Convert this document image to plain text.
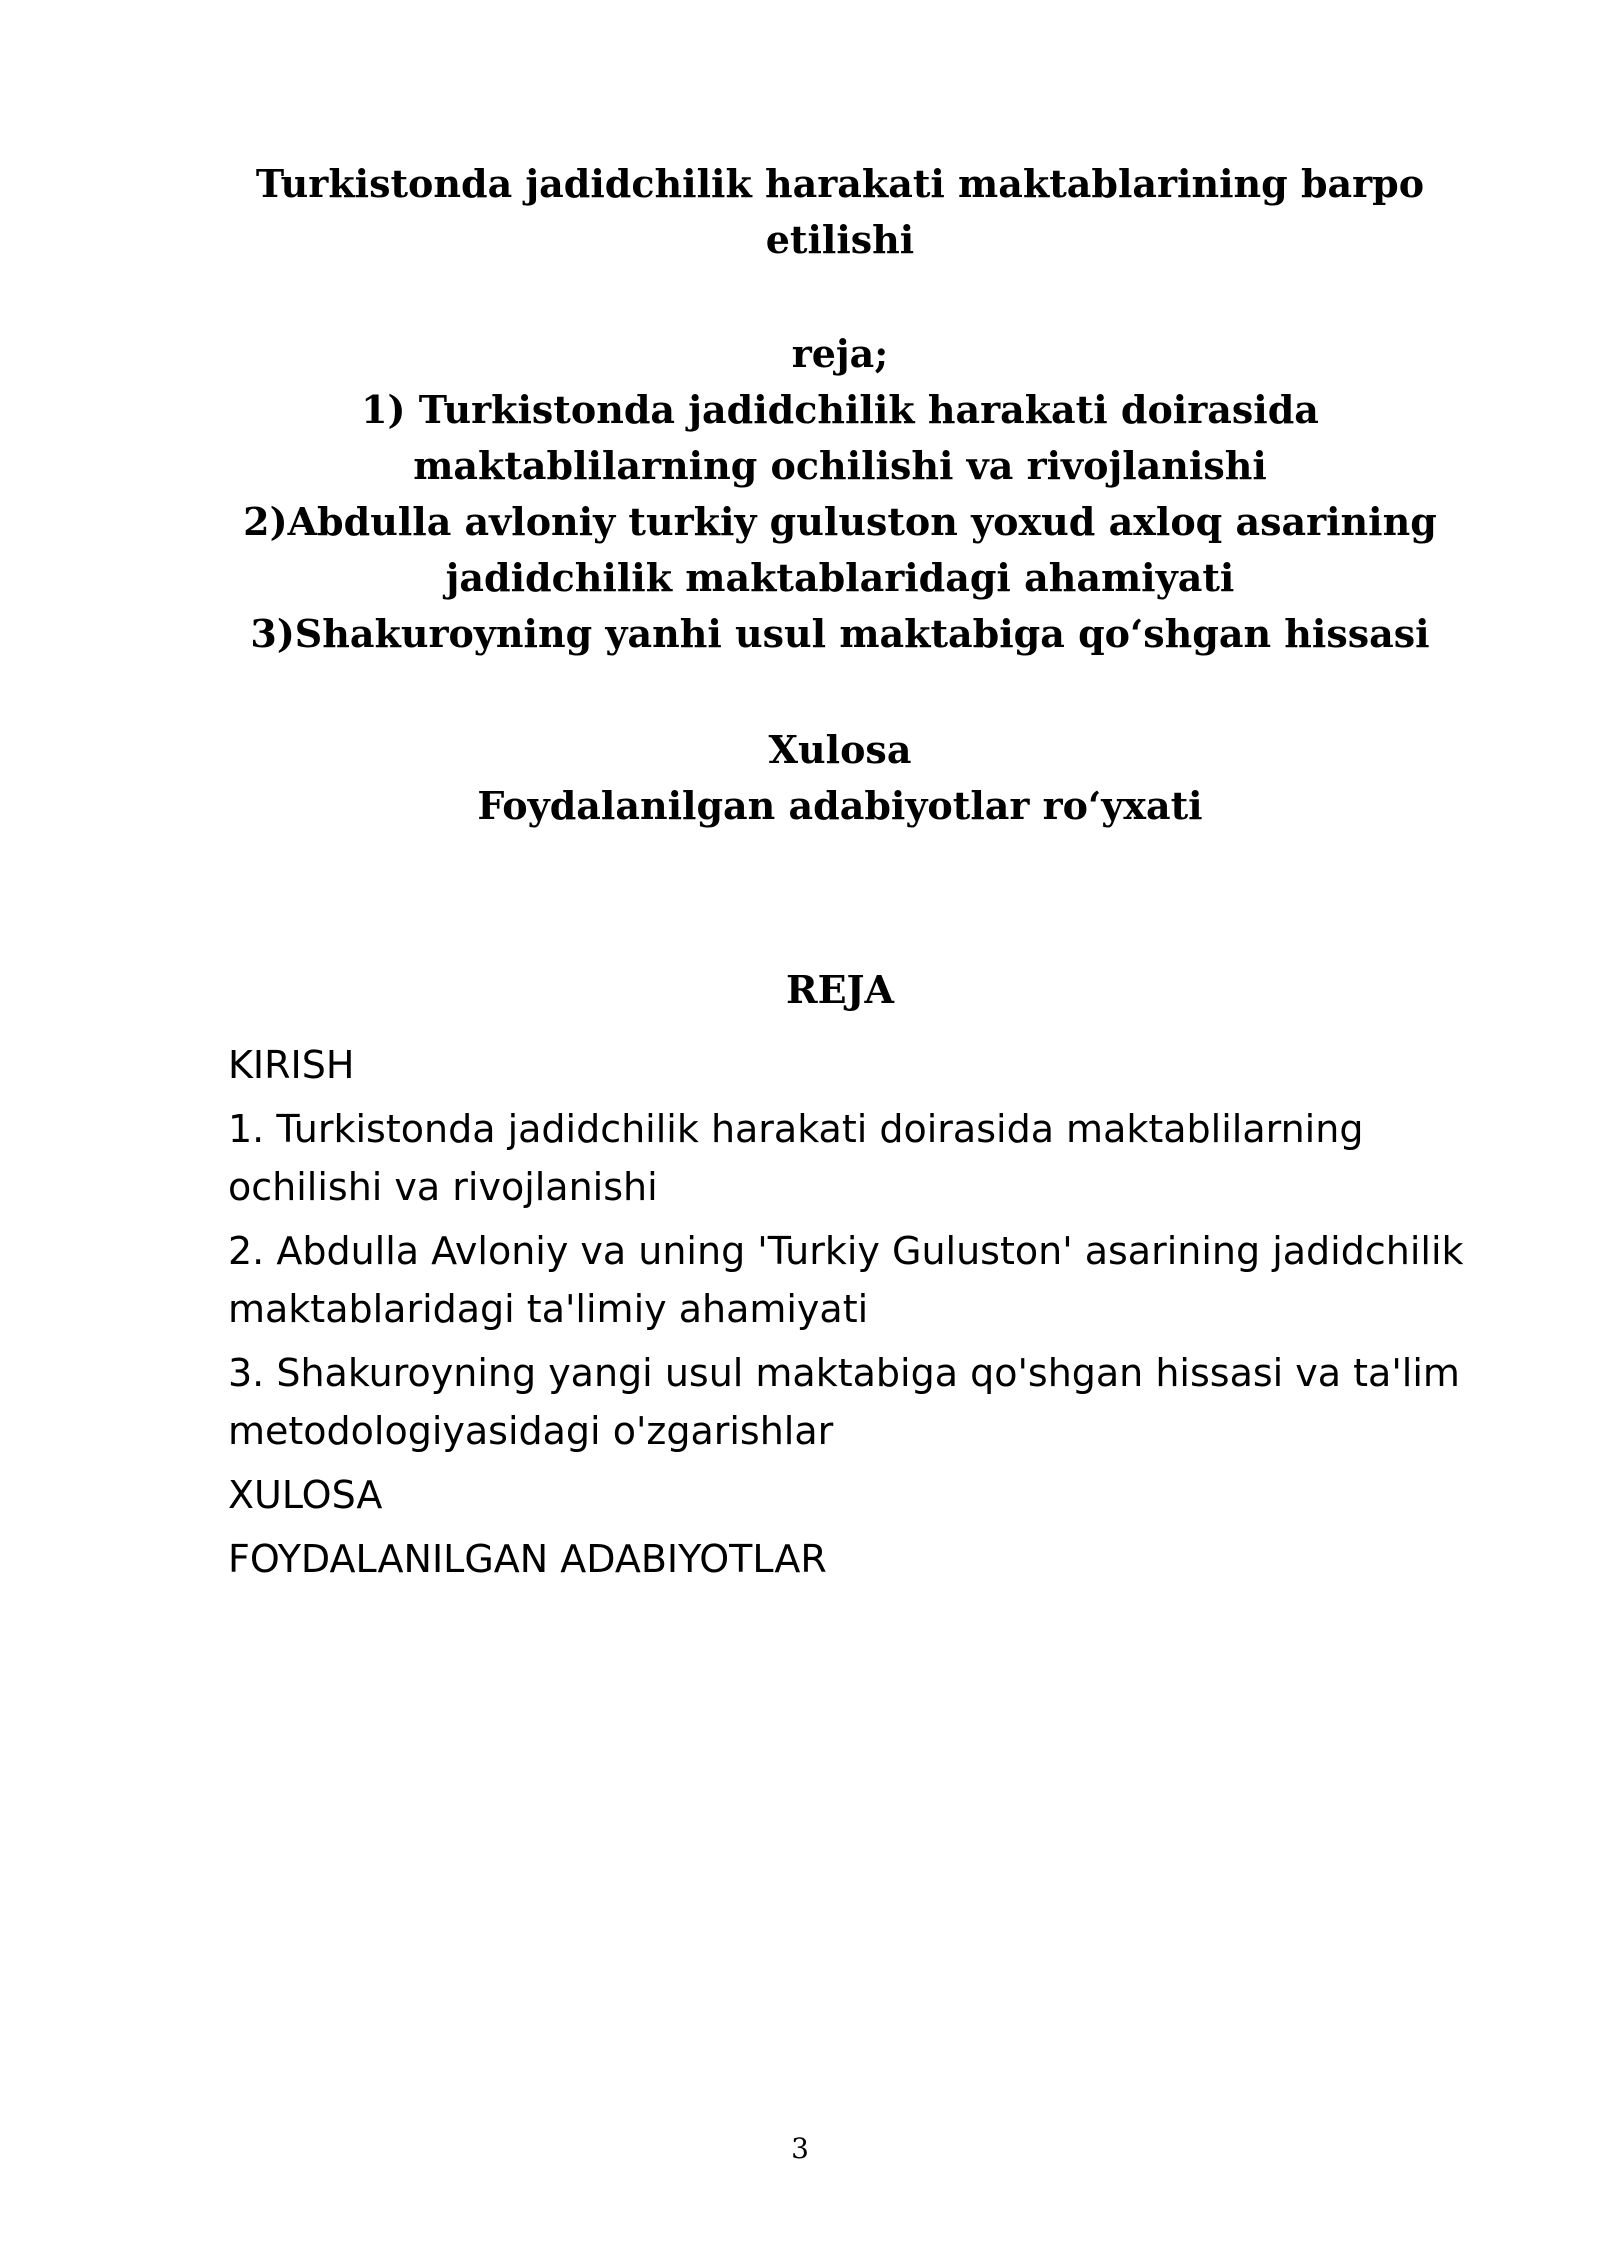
Turkistonda jadidchilik harakati maktablarining barpo
etilishi
reja;
1) Turkistonda jadidchilik harakati doirasida
maktablilarning ochilishi va rivojlanishi
2)Abdulla avloniy turkiy guluston yoxud axloq asarining
jadidchilik maktablaridagi ahamiyati
3)Shakuroyning yanhi usul maktabiga qo‘shgan hissasi
Xulosa
Foydalanilgan adabiyotlar ro‘yxati
REJA
KIRISH
1. Turkistonda jadidchilik harakati doirasida maktablilarning ochilishi va rivojlanishi
2. Abdulla Avloniy va uning 'Turkiy Guluston' asarining jadidchilik maktablaridagi ta'limiy ahamiyati
3. Shakuroyning yangi usul maktabiga qo'shgan hissasi va ta'lim metodologiyasidagi o'zgarishlar
XULOSA
FOYDALANILGAN ADABIYOTLAR
3
